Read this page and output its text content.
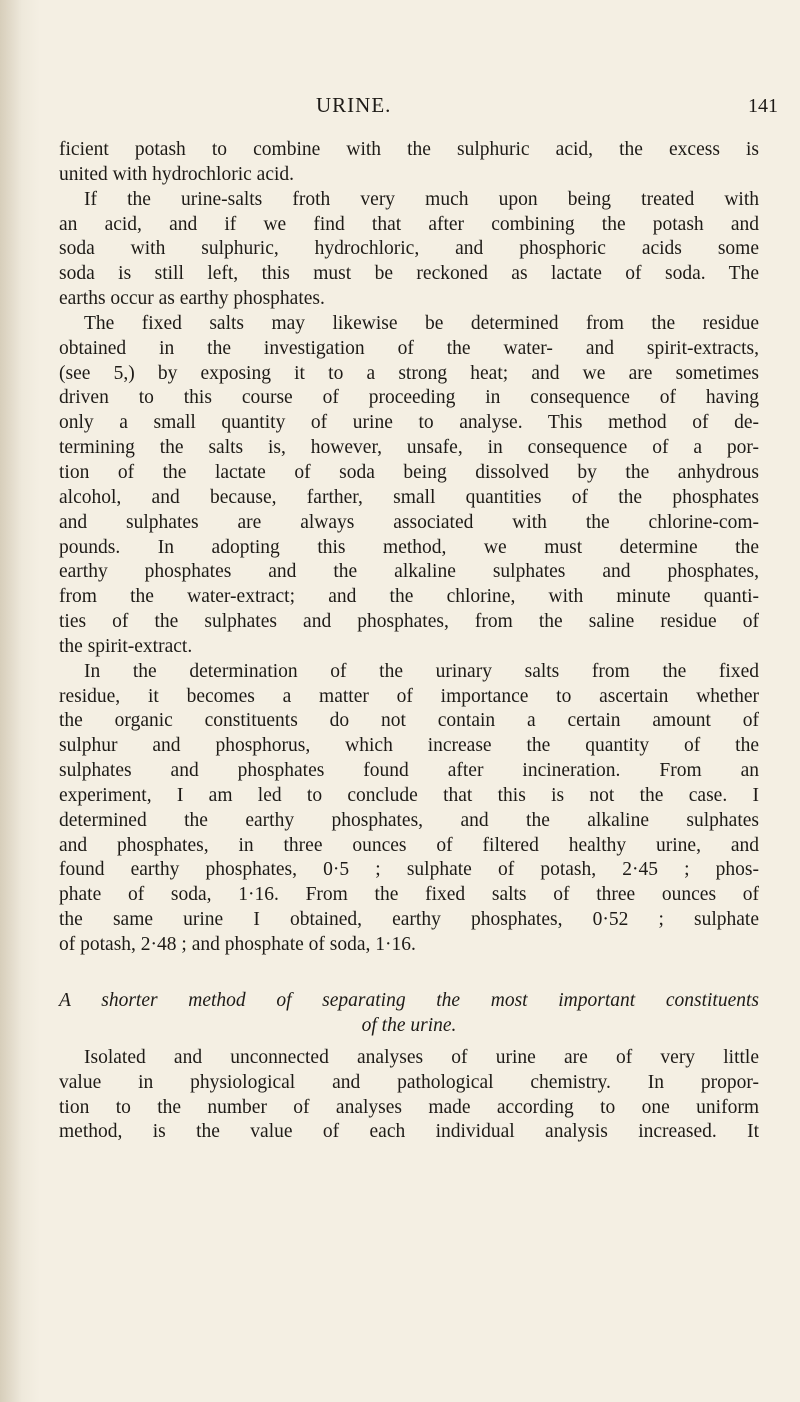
URINE.	141
ficient potash to combine with the sulphuric acid, the excess is
united with hydrochloric acid.
If the urine-salts froth very much upon being treated with
an acid, and if we find that after combining the potash and
soda with sulphuric, hydrochloric, and phosphoric acids some
soda is still left, this must be reckoned as lactate of soda. The
earths occur as earthy phosphates.
The fixed salts may likewise be determined from the residue
obtained in the investigation of the water- and spirit-extracts,
(see 5,) by exposing it to a strong heat; and we are sometimes
driven to this course of proceeding in consequence of having
only a small quantity of urine to analyse. This method of de-
termining the salts is, however, unsafe, in consequence of a por-
tion of the lactate of soda being dissolved by the anhydrous
alcohol, and because, farther, small quantities of the phosphates
and sulphates are always associated with the chlorine-com-
pounds. In adopting this method, we must determine the
earthy phosphates and the alkaline sulphates and phosphates,
from the water-extract; and the chlorine, with minute quanti-
ties of the sulphates and phosphates, from the saline residue of
the spirit-extract.
In the determination of the urinary salts from the fixed
residue, it becomes a matter of importance to ascertain whether
the organic constituents do not contain a certain amount of
sulphur and phosphorus, which increase the quantity of the
sulphates and phosphates found after incineration. From an
experiment, I am led to conclude that this is not the case. I
determined the earthy phosphates, and the alkaline sulphates
and phosphates, in three ounces of filtered healthy urine, and
found earthy phosphates, 0·5 ; sulphate of potash, 2·45 ; phos-
phate of soda, 1·16. From the fixed salts of three ounces of
the same urine I obtained, earthy phosphates, 0·52 ; sulphate
of potash, 2·48 ; and phosphate of soda, 1·16.
A shorter method of separating the most important constituents
of the urine.
Isolated and unconnected analyses of urine are of very little
value in physiological and pathological chemistry. In propor-
tion to the number of analyses made according to one uniform
method, is the value of each individual analysis increased. It
